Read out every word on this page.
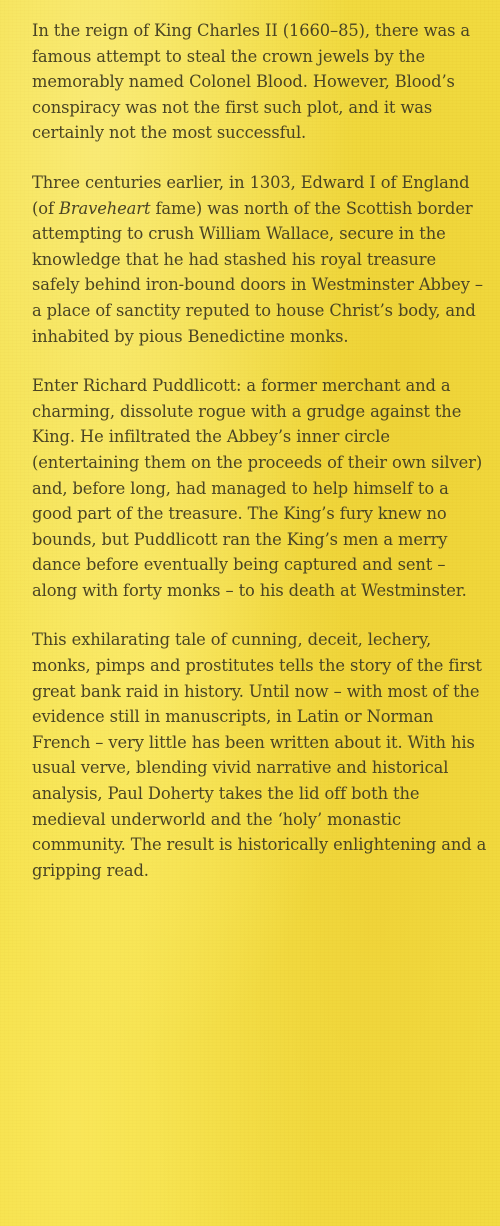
In the reign of King Charles II (1660–85), there was a famous attempt to steal the crown jewels by the memorably named Colonel Blood. However, Blood’s conspiracy was not the first such plot, and it was certainly not the most successful.

Three centuries earlier, in 1303, Edward I of England (of Braveheart fame) was north of the Scottish border attempting to crush William Wallace, secure in the knowledge that he had stashed his royal treasure safely behind iron-bound doors in Westminster Abbey – a place of sanctity reputed to house Christ’s body, and inhabited by pious Benedictine monks.

Enter Richard Puddlicott: a former merchant and a charming, dissolute rogue with a grudge against the King. He infiltrated the Abbey’s inner circle (entertaining them on the proceeds of their own silver) and, before long, had managed to help himself to a good part of the treasure. The King’s fury knew no bounds, but Puddlicott ran the King’s men a merry dance before eventually being captured and sent – along with forty monks – to his death at Westminster.

This exhilarating tale of cunning, deceit, lechery, monks, pimps and prostitutes tells the story of the first great bank raid in history. Until now – with most of the evidence still in manuscripts, in Latin or Norman French – very little has been written about it. With his usual verve, blending vivid narrative and historical analysis, Paul Doherty takes the lid off both the medieval underworld and the ‘holy’ monastic community. The result is historically enlightening and a gripping read.
